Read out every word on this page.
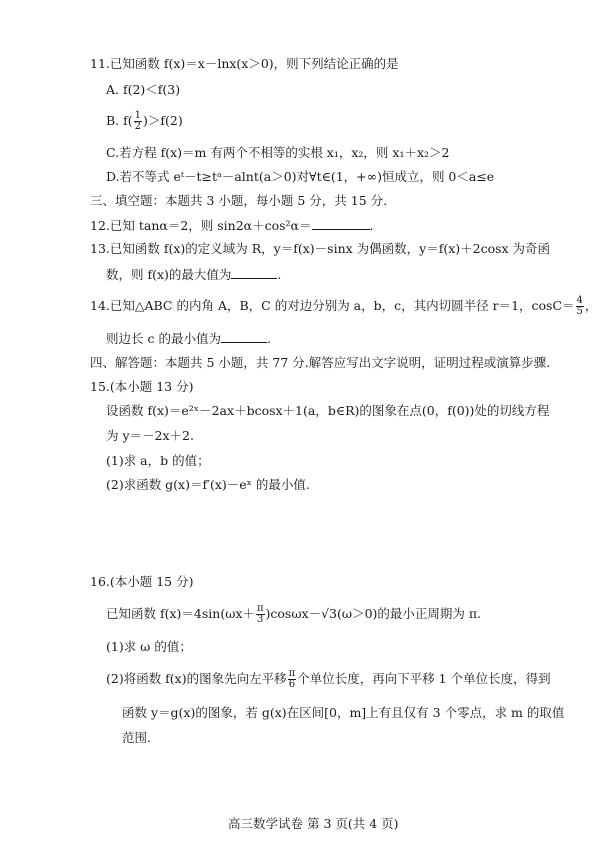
11.已知函数 f(x)＝x－lnx(x＞0)，则下列结论正确的是
A. f(2)＜f(3)
B. $f( \frac{1}{2} )>f(2)$
C.若方程 f(x)＝m 有两个不相等的实根 x₁，x₂，则 x₁＋x₂＞2
D.若不等式 eᵗ－t≥tᵃ－alnt(a＞0)对∀t∈(1，+∞)恒成立，则 0＜a≤e
三、填空题：本题共 3 小题，每小题 5 分，共 15 分.
12.已知 tanα＝2，则 sin2α＋cos²α＝	.
13.已知函数 f(x)的定义域为 R，y＝f(x)－sinx 为偶函数，y＝f(x)＋2cosx 为奇函
数，则 f(x)的最大值为	.
14.已知△ABC 的内角 A，B，C 的对边分别为 a，b，c，其内切圆半径 r＝1，$\cos C= \frac{4}{5}$ ，
则边长 c 的最小值为	.
四、解答题：本题共 5 小题，共 77 分.解答应写出文字说明，证明过程或演算步骤.
15.(本小题 13 分)
设函数 f(x)＝e²ˣ－2ax＋bcosx＋1(a，b∈R)的图象在点(0，f(0))处的切线方程
为 y＝－2x＋2.
(1)求 a，b 的值；
(2)求函数 g(x)＝f′(x)－eˣ 的最小值.
16.(本小题 15 分)
已知函数 $f(x)=4\sin(\omega x+ \frac{\pi}{3} )\cos\omega x-√3(\omega>0)$的最小正周期为 π.
(1)求 ω 的值；
(2)将函数 f(x)的图象先向左平移 $\frac{\pi}{6}$ 个单位长度，再向下平移 1 个单位长度，得到
函数 y＝g(x)的图象，若 g(x)在区间[0，m]上有且仅有 3 个零点，求 m 的取值
范围.
高三数学试卷 第 3 页(共 4 页)
